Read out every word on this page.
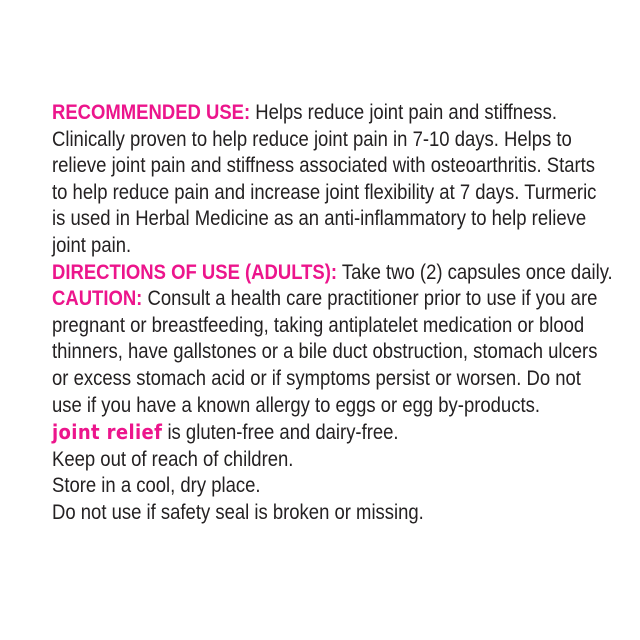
RECOMMENDED USE: Helps reduce joint pain and stiffness.
Clinically proven to help reduce joint pain in 7-10 days. Helps to
relieve joint pain and stiffness associated with osteoarthritis. Starts
to help reduce pain and increase joint flexibility at 7 days. Turmeric
is used in Herbal Medicine as an anti-inflammatory to help relieve
joint pain.
DIRECTIONS OF USE (ADULTS): Take two (2) capsules once daily.
CAUTION: Consult a health care practitioner prior to use if you are
pregnant or breastfeeding, taking antiplatelet medication or blood
thinners, have gallstones or a bile duct obstruction, stomach ulcers
or excess stomach acid or if symptoms persist or worsen. Do not
use if you have a known allergy to eggs or egg by-products.
joint relief is gluten-free and dairy-free.
Keep out of reach of children.
Store in a cool, dry place.
Do not use if safety seal is broken or missing.
